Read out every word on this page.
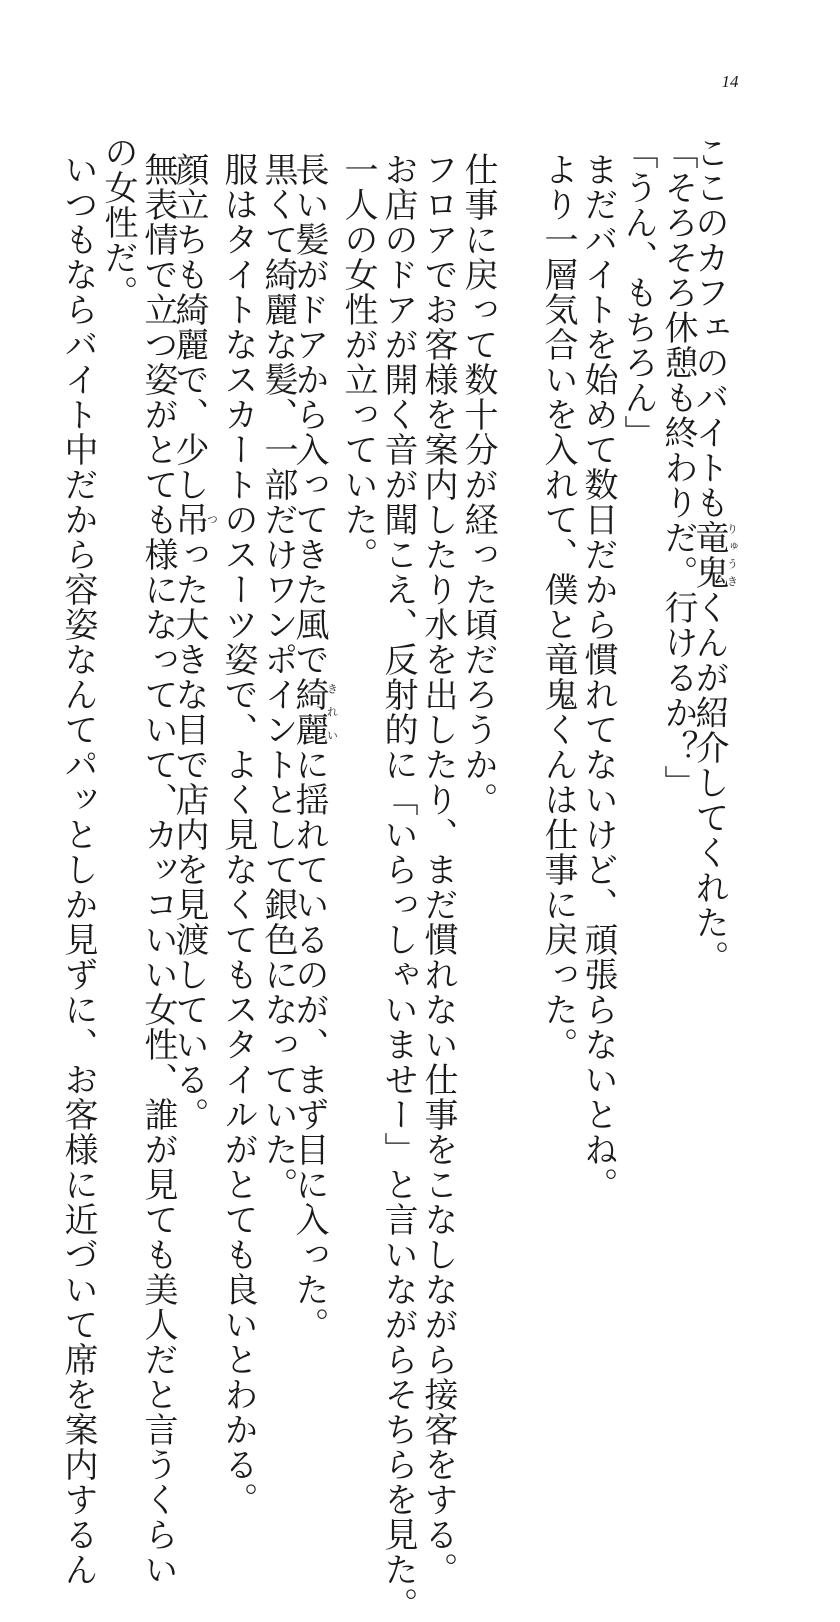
14
ここのカフェのバイトも竜鬼りゅうきくんが紹介してくれた。
「そろそろ休憩も終わりだ。行けるか？」
「うん、もちろん」
まだバイトを始めて数日だから慣れてないけど、頑張らないとね。
より一層気合いを入れて、僕と竜鬼くんは仕事に戻った。
仕事に戻って数十分が経った頃だろうか。
フロアでお客様を案内したり水を出したり、まだ慣れない仕事をこなしながら接客をする。
お店のドアが開く音が聞こえ、反射的に「いらっしゃいませー」と言いながらそちらを見た。
一人の女性が立っていた。
長い髪がドアから入ってきた風で綺麗きれいに揺れているのが、まず目に入った。
黒くて綺麗な髪、一部だけワンポイントとして銀色になっていた。
服はタイトなスカートのスーツ姿で、よく見なくてもスタイルがとても良いとわかる。
顔立ちも綺麗で、少し吊つった大きな目で店内を見渡している。
無表情で立つ姿がとても様になっていて、カッコいい女性、誰が見ても美人だと言うくらい
の女性だ。
いつもならバイト中だから容姿なんてパッとしか見ずに、お客様に近づいて席を案内するん
